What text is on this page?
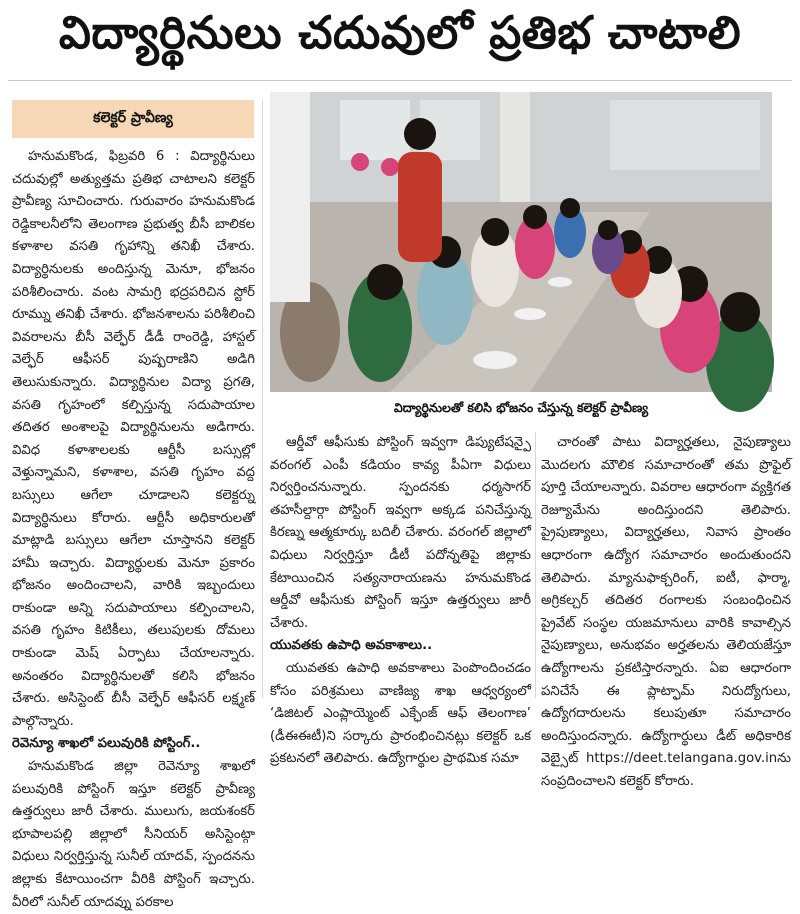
విద్యార్థినులు చదువులో ప్రతిభ చాటాలి
కలెక్టర్ ప్రావీణ్య

హనుమకొండ, ఫిబ్రవరి 6 : విద్యార్థినులు చదువుల్లో అత్యుత్తమ ప్రతిభ చాటాలని కలెక్టర్ ప్రావీణ్య సూచించారు. గురువారం హనుమకొండ రెడ్డికాలనీలోని తెలంగాణ ప్రభుత్వ బీసీ బాలికల కళాశాల వసతి గృహాన్ని తనిఖీ చేశారు. విద్యార్థినులకు అందిస్తున్న మెనూ, భోజనం పరిశీలించారు. వంట సామగ్రి భద్రపరిచిన స్టోర్ రూమ్ను తనిఖీ చేశారు. భోజనశాలను పరిశీలించి వివరాలను బీసీ వెల్ఫేర్ డీడీ రాంరెడ్డి, హాస్టల్ వెల్ఫేర్ ఆఫీసర్ పుష్పరాణిని అడిగి తెలుసుకున్నారు. విద్యార్థినుల విద్యా ప్రగతి, వసతి గృహంలో కల్పిస్తున్న సదుపాయాల తదితర అంశాలపై విద్యార్థినులను అడిగారు. వివిధ కళాశాలలకు ఆర్టీసీ బస్సుల్లో వెళ్తున్నామని, కళాశాల, వసతి గృహం వద్ద బస్సులు ఆగేలా చూడాలని కలెక్టర్ను విద్యార్థినులు కోరారు. ఆర్టీసీ అధికారులతో మాట్లాడి బస్సులు ఆగేలా చూస్తానని కలెక్టర్ హామీ ఇచ్చారు. విద్యార్థులకు మెనూ ప్రకారం భోజనం అందించాలని, వారికి ఇబ్బందులు రాకుండా అన్ని సదుపాయాలు కల్పించాలని, వసతి గృహం కిటికీలు, తలుపులకు దోమలు రాకుండా మెష్ ఏర్పాటు చేయాలన్నారు. అనంతరం విద్యార్థినులతో కలిసి భోజనం చేశారు. అసిస్టెంట్ బీసీ వెల్ఫేర్ ఆఫీసర్ లక్ష్మణ్ పాల్గొన్నారు.

రెవెన్యూ శాఖలో పలువురికి పోస్టింగ్..

హనుమకొండ జిల్లా రెవెన్యూ శాఖలో పలువురికి పోస్టింగ్ ఇస్తూ కలెక్టర్ ప్రావీణ్య ఉత్తర్వులు జారీ చేశారు. ములుగు, జయశంకర్ భూపాలపల్లి జిల్లాలో సీనియర్ అసిస్టెంట్గా విధులు నిర్వర్తిస్తున్న సునీల్ యాదవ్, స్పందనను జిల్లాకు కేటాయించగా వీరికి పోస్టింగ్ ఇచ్చారు. వీరిలో సునీల్ యాదవ్ను పరకాల

ఆర్డీవో ఆఫీసుకు పోస్టింగ్ ఇవ్వగా డిప్యుటేషన్పై వరంగల్ ఎంపీ కడియం కావ్య పీఏగా విధులు నిర్వర్తించనున్నారు. స్పందనకు ధర్మసాగర్ తహసీల్దార్గా పోస్టింగ్ ఇవ్వగా అక్కడ పనిచేస్తున్న కిరణ్ను ఆత్మకూర్కు బదిలీ చేశారు. వరంగల్ జిల్లాలో విధులు నిర్వర్తిస్తూ డీటీ పదోన్నతిపై జిల్లాకు కేటాయించిన సత్యనారాయణను హనుమకొండ ఆర్డీవో ఆఫీసుకు పోస్టింగ్ ఇస్తూ ఉత్తర్వులు జారీ చేశారు.

యువతకు ఉపాధి అవకాశాలు..

యువతకు ఉపాధి అవకాశాలు పెంపొందించడం కోసం పరిశ్రమలు వాణిజ్య శాఖ ఆధ్వర్యంలో ‘డిజిటల్ ఎంప్లాయ్మెంట్ ఎక్ఛేంజ్ ఆఫ్ తెలంగాణ’ (డీఈఈటీ)ని సర్కారు ప్రారంభించినట్లు కలెక్టర్ ఒక ప్రకటనలో తెలిపారు. ఉద్యోగార్థుల ప్రాథమిక సమా

చారంతో పాటు విద్యార్హతలు, నైపుణ్యాలు మొదలగు మౌలిక సమాచారంతో తమ ప్రొఫైల్ పూర్తి చేయాలన్నారు. వివరాల ఆధారంగా వ్యక్తిగత రెజ్యూమేను అందిస్తుందని తెలిపారు. ప్రైపుణ్యాలు, విద్యార్హతలు, నివాస ప్రాంతం ఆధారంగా ఉద్యోగ సమాచారం అందుతుందని తెలిపారు. మ్యానుఫాక్చరింగ్, ఐటీ, ఫార్మా, అగ్రికల్చర్ తదితర రంగాలకు సంబంధించిన ప్రైవేట్ సంస్థల యజమానులు వారికి కావాల్సిన నైపుణ్యాలు, అనుభవం అర్హతలను తెలియజేస్తూ ఉద్యోగాలను ప్రకటిస్తారన్నారు. ఏఐ ఆధారంగా పనిచేసే ఈ ప్లాట్ఫామ్ నిరుద్యోగులు, ఉద్యోగదారులను కలుపుతూ సమాచారం అందిస్తుందన్నారు. ఉద్యోగార్థులు డీట్ అధికారిక వెబ్సైట్ https://deet.telangana.gov.inను సంప్రదించాలని కలెక్టర్ కోరారు.

విద్యార్థినులతో కలిసి భోజనం చేస్తున్న కలెక్టర్ ప్రావీణ్య
